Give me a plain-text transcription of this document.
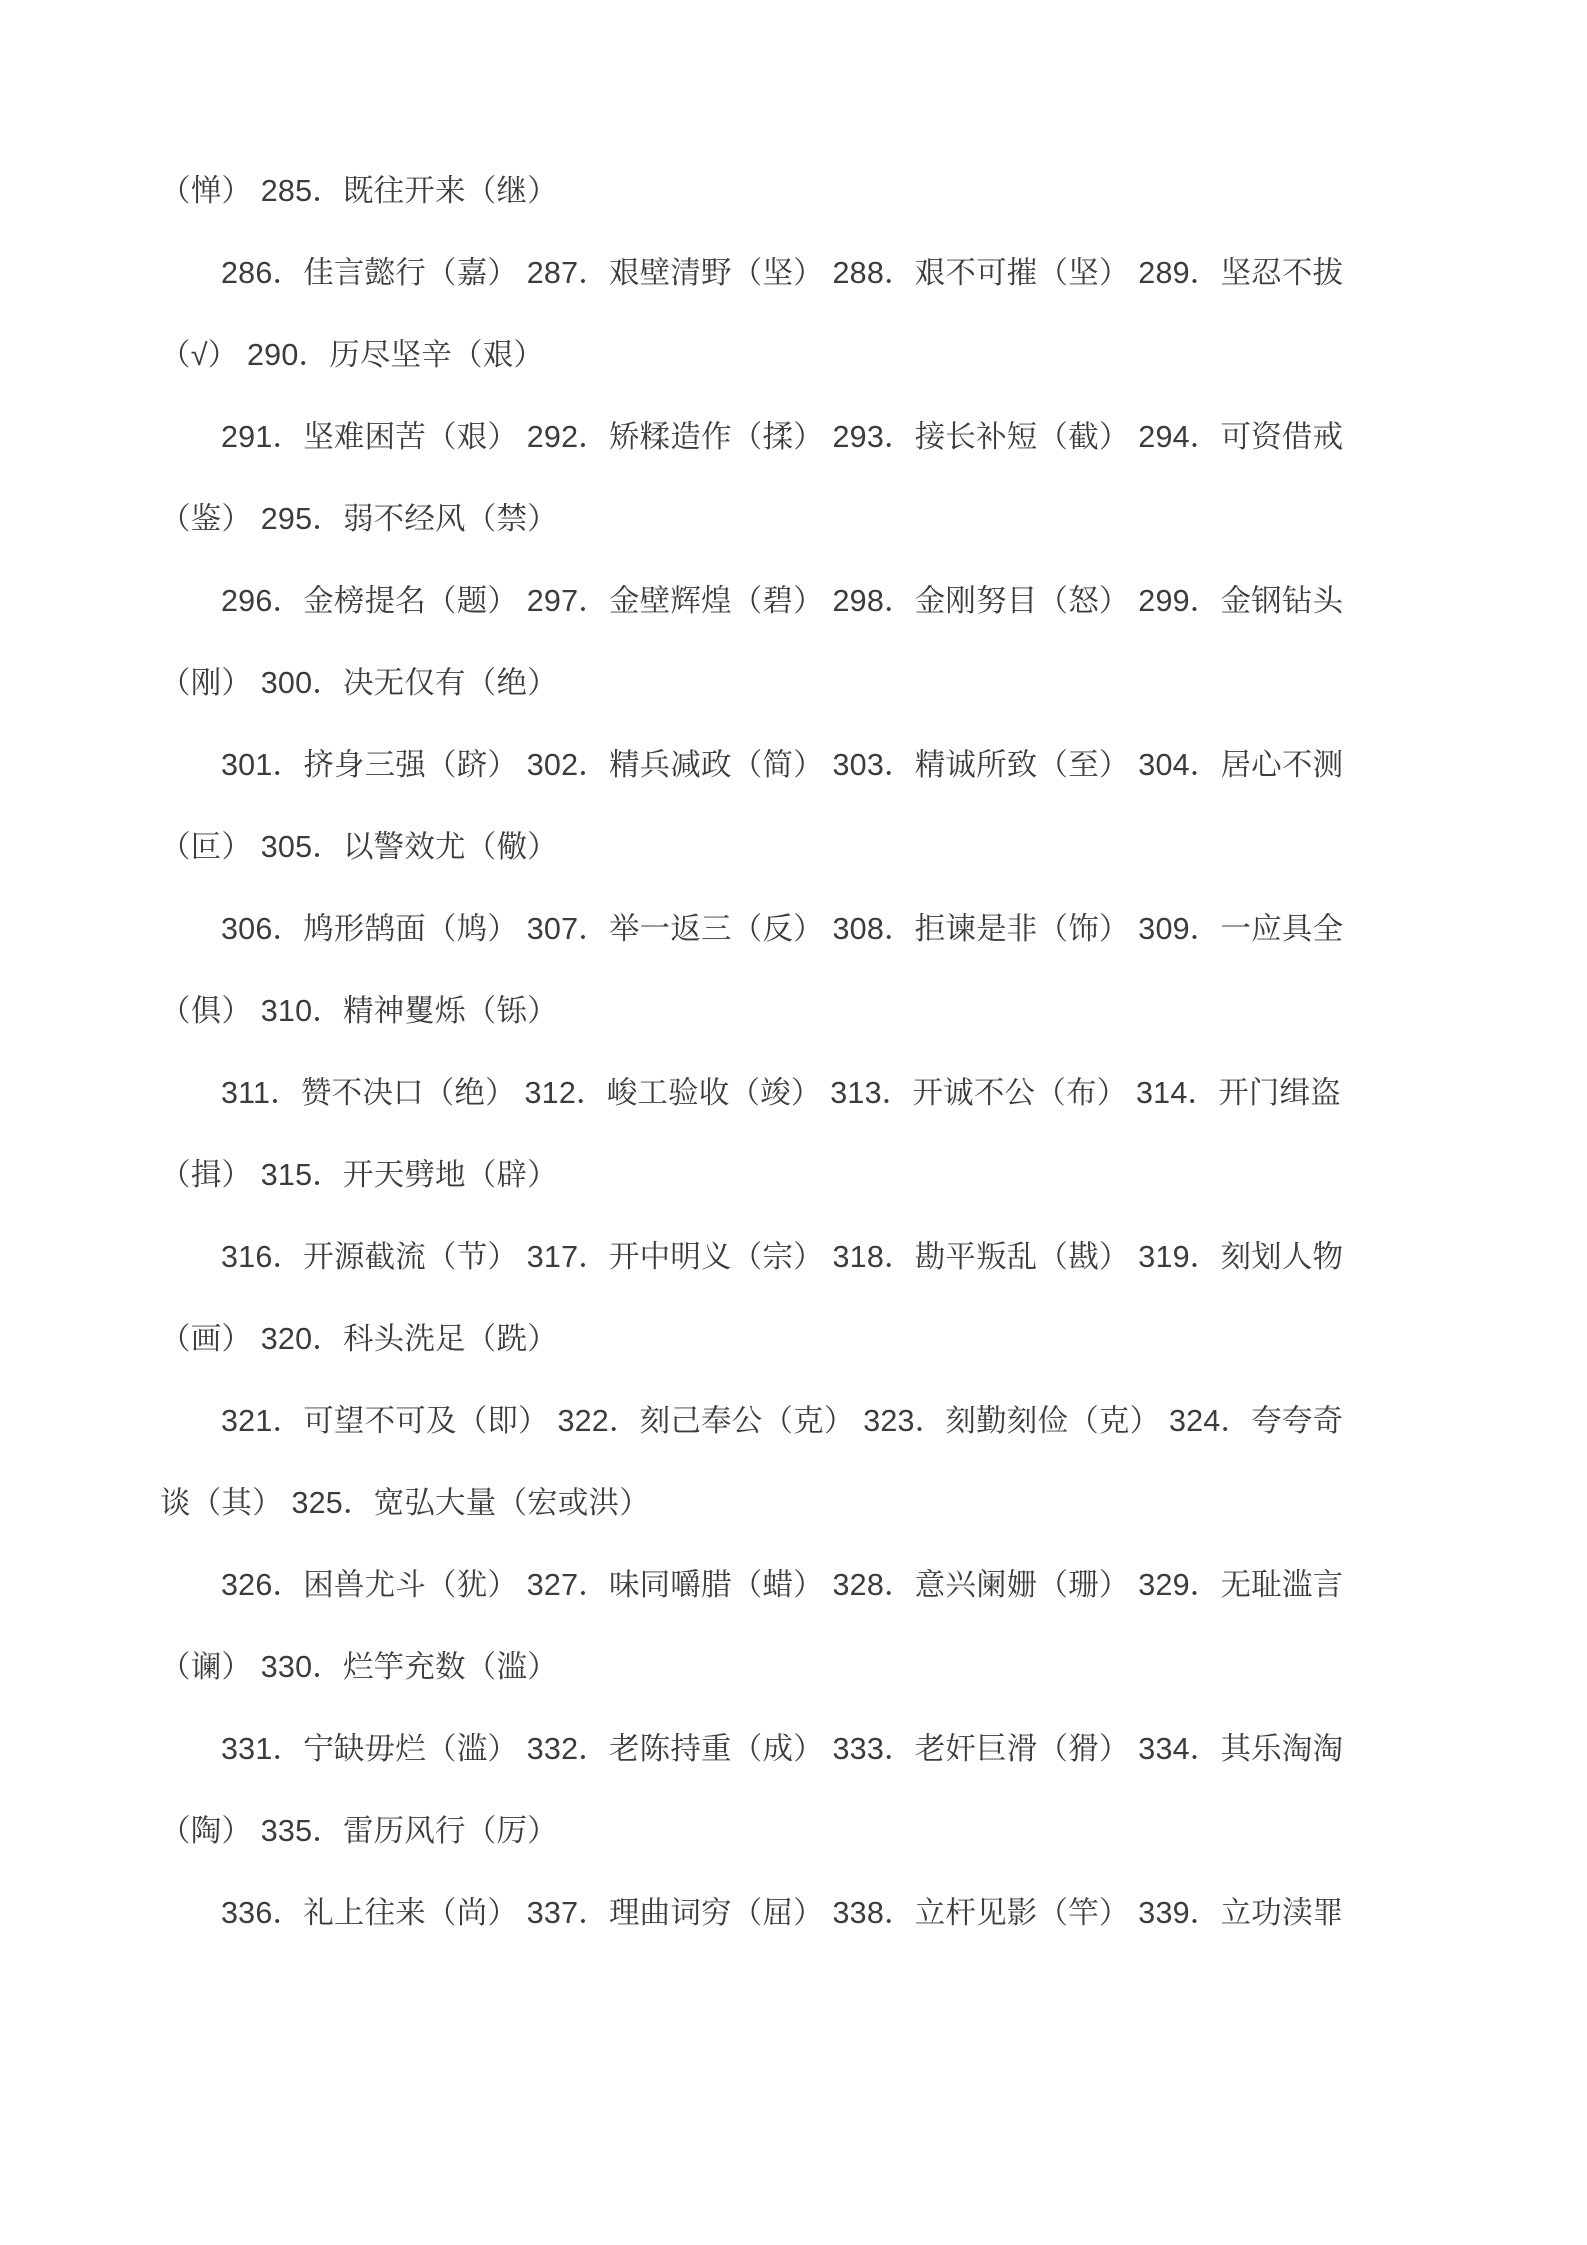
（惮） 285．既往开来（继）

286．佳言懿行（嘉） 287．艰壁清野（坚） 288．艰不可摧（坚） 289．坚忍不拔

（√） 290．历尽坚辛（艰）

291．坚难困苦（艰） 292．矫糅造作（揉） 293．接长补短（截） 294．可资借戒

（鉴） 295．弱不经风（禁）

296．金榜提名（题） 297．金壁辉煌（碧） 298．金刚努目（怒） 299．金钢钻头

（刚） 300．决无仅有（绝）

301．挤身三强（跻） 302．精兵减政（简） 303．精诚所致（至） 304．居心不测

（叵） 305．以警效尤（儆）

306．鸠形鹄面（鸠） 307．举一返三（反） 308．拒谏是非（饰） 309．一应具全

（俱） 310．精神矍烁（铄）

311．赞不决口（绝） 312．峻工验收（竣） 313．开诚不公（布） 314．开门缉盗

（揖） 315．开天劈地（辟）

316．开源截流（节） 317．开中明义（宗） 318．勘平叛乱（戡） 319．刻划人物

（画） 320．科头洗足（跣）

321．可望不可及（即） 322．刻己奉公（克） 323．刻勤刻俭（克） 324．夸夸奇

谈（其） 325．宽弘大量（宏或洪）

326．困兽尤斗（犹） 327．味同嚼腊（蜡） 328．意兴阑姗（珊） 329．无耻滥言

（谰） 330．烂竽充数（滥）

331．宁缺毋烂（滥） 332．老陈持重（成） 333．老奸巨滑（猾） 334．其乐淘淘

（陶） 335．雷历风行（厉）

336．礼上往来（尚） 337．理曲词穷（屈） 338．立杆见影（竿） 339．立功渎罪
